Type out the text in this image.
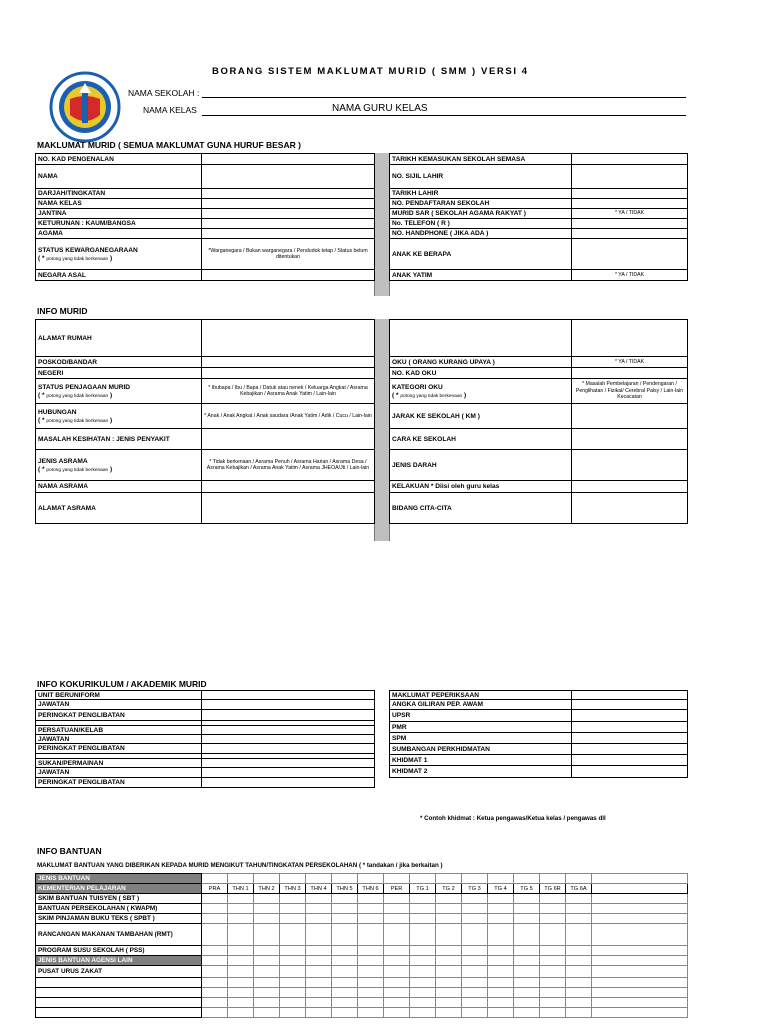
BORANG SISTEM MAKLUMAT MURID ( SMM ) VERSI 4
NAMA SEKOLAH :
NAMA KELAS	NAMA GURU KELAS
MAKLUMAT MURID ( SEMUA MAKLUMAT GUNA HURUF BESAR )
NO. KAD PENGENALAN	
NAMA	
DARJAH/TINGKATAN	
NAMA KELAS	
JANTINA	
KETURUNAN : KAUM/BANGSA	
AGAMA	
STATUS KEWARGANEGARAAN
( * potong yang tidak berkenaan )	*Warganegara / Bukan warganegara / Penduduk tetap / Status belum ditentukan
NEGARA ASAL	
TARIKH KEMASUKAN SEKOLAH SEMASA	
NO. SIJIL LAHIR	
TARIKH LAHIR	
NO. PENDAFTARAN SEKOLAH	
MURID SAR ( SEKOLAH AGAMA RAKYAT )	* YA / TIDAK
No. TELEFON ( R )	
NO. HANDPHONE ( JIKA ADA )	
ANAK KE BERAPA	
ANAK YATIM	* YA / TIDAK
INFO MURID
ALAMAT RUMAH	
POSKOD/BANDAR	
NEGERI	
STATUS PENJAGAAN MURID
( * potong yang tidak berkenaan )	* Ibubapa / Ibu / Bapa / Datuk atau nenek / Keluarga Angkat / Asrama Kebajikan / Asrama Anak Yatim / Lain-lain
HUBUNGAN
( * potong yang tidak berkenaan )	* Anak / Anak Angkat / Anak saudara /Anak Yatim / Adik / Cucu / Lain-lain
MASALAH KESIHATAN : JENIS PENYAKIT	
JENIS ASRAMA
( * potong yang tidak berkenaan )	* Tidak berkenaan / Asrama Penuh / Asrama Harian / Asrama Desa / Asrama Kebajikan / Asrama Anak Yatim / Asrama JHEOA/Jti / Lain-lain
NAMA ASRAMA	
ALAMAT ASRAMA	

OKU ( ORANG KURANG UPAYA )	* YA / TIDAK
NO. KAD OKU	
KATEGORI OKU
( * potong yang tidak berkenaan )	* Masalah Pembelajaran / Pendengaran / Penglihatan / Fizikal/ Cerebral Palsy / Lain-lain Kecacatan
JARAK KE SEKOLAH ( KM )	
CARA KE SEKOLAH	
JENIS DARAH	
KELAKUAN * Diisi oleh guru kelas	
BIDANG CITA-CITA	
INFO KOKURIKULUM / AKADEMIK MURID
UNIT BERUNIFORM	
JAWATAN	
PERINGKAT PENGLIBATAN	

PERSATUAN/KELAB	
JAWATAN	
PERINGKAT PENGLIBATAN	

SUKAN/PERMAINAN	
JAWATAN	
PERINGKAT PENGLIBATAN	
MAKLUMAT PEPERIKSAAN	
ANGKA GILIRAN PEP. AWAM	
UPSR	
PMR	
SPM	
SUMBANGAN PERKHIDMATAN	
KHIDMAT 1	
KHIDMAT 2	
* Contoh khidmat : Ketua pengawas/Ketua kelas / pengawas dll
INFO BANTUAN
MAKLUMAT BANTUAN YANG DIBERIKAN KEPADA MURID MENGIKUT TAHUN/TINGKATAN PERSEKOLAHAN ( * tandakan / jika berkaitan )
JENIS BANTUAN																
KEMENTERIAN PELAJARAN	PRA	THN 1	THN 2	THN 3	THN 4	THN 5	THN 6	PER	TG 1	TG 2	TG 3	TG 4	TG 5	TG 6R	TG 6A	
SKIM BANTUAN TUISYEN ( SBT )																
BANTUAN PERSEKOLAHAN ( KWAPM)																
SKIM PINJAMAN BUKU TEKS ( SPBT )																
RANCANGAN MAKANAN TAMBAHAN (RMT)																
PROGRAM SUSU SEKOLAH ( PSS)																
JENIS BANTUAN AGENSI LAIN																
PUSAT URUS ZAKAT																
